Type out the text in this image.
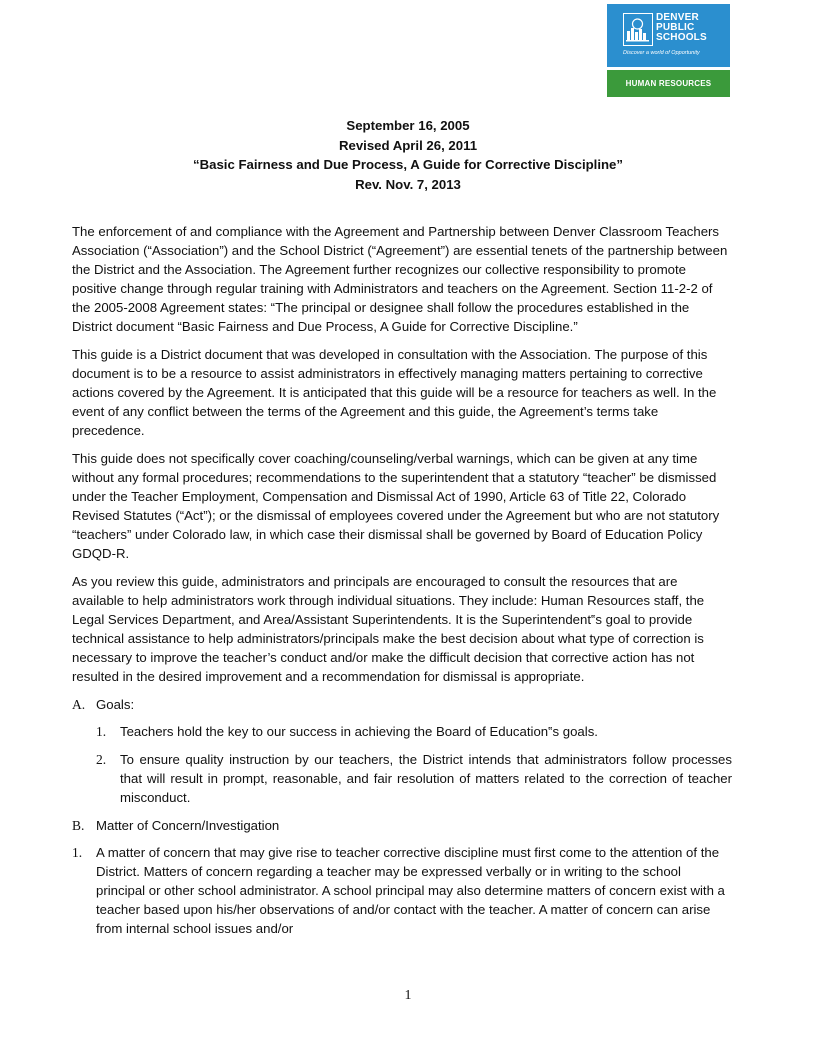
DENVER
PUBLIC
SCHOOLS
Discover a world of Opportunity
HUMAN RESOURCES
September 16, 2005
Revised April 26, 2011
“Basic Fairness and Due Process, A Guide for Corrective Discipline”
Rev. Nov. 7, 2013

The enforcement of and compliance with the Agreement and Partnership between Denver Classroom Teachers Association (“Association”) and the School District (“Agreement”) are essential tenets of the partnership between the District and the Association. The Agreement further recognizes our collective responsibility to promote positive change through regular training with Administrators and teachers on the Agreement. Section 11-2-2 of the 2005-2008 Agreement states: “The principal or designee shall follow the procedures established in the District document “Basic Fairness and Due Process, A Guide for Corrective Discipline.”

This guide is a District document that was developed in consultation with the Association. The purpose of this document is to be a resource to assist administrators in effectively managing matters pertaining to corrective actions covered by the Agreement. It is anticipated that this guide will be a resource for teachers as well. In the event of any conflict between the terms of the Agreement and this guide, the Agreement’s terms take precedence.

This guide does not specifically cover coaching/counseling/verbal warnings, which can be given at any time without any formal procedures; recommendations to the superintendent that a statutory “teacher” be dismissed under the Teacher Employment, Compensation and Dismissal Act of 1990, Article 63 of Title 22, Colorado Revised Statutes (“Act”); or the dismissal of employees covered under the Agreement but who are not statutory “teachers” under Colorado law, in which case their dismissal shall be governed by Board of Education Policy GDQD-R.

As you review this guide, administrators and principals are encouraged to consult the resources that are available to help administrators work through individual situations. They include: Human Resources staff, the Legal Services Department, and Area/Assistant Superintendents. It is the Superintendent‟s goal to provide technical assistance to help administrators/principals make the best decision about what type of correction is necessary to improve the teacher’s conduct and/or make the difficult decision that corrective action has not resulted in the desired improvement and a recommendation for dismissal is appropriate.

A. Goals:
1. Teachers hold the key to our success in achieving the Board of Education‟s goals.
2. To ensure quality instruction by our teachers, the District intends that administrators follow processes that will result in prompt, reasonable, and fair resolution of matters related to the correction of teacher misconduct.
B. Matter of Concern/Investigation
1. A matter of concern that may give rise to teacher corrective discipline must first come to the attention of the District. Matters of concern regarding a teacher may be expressed verbally or in writing to the school principal or other school administrator. A school principal may also determine matters of concern exist with a teacher based upon his/her observations of and/or contact with the teacher. A matter of concern can arise from internal school issues and/or
1
